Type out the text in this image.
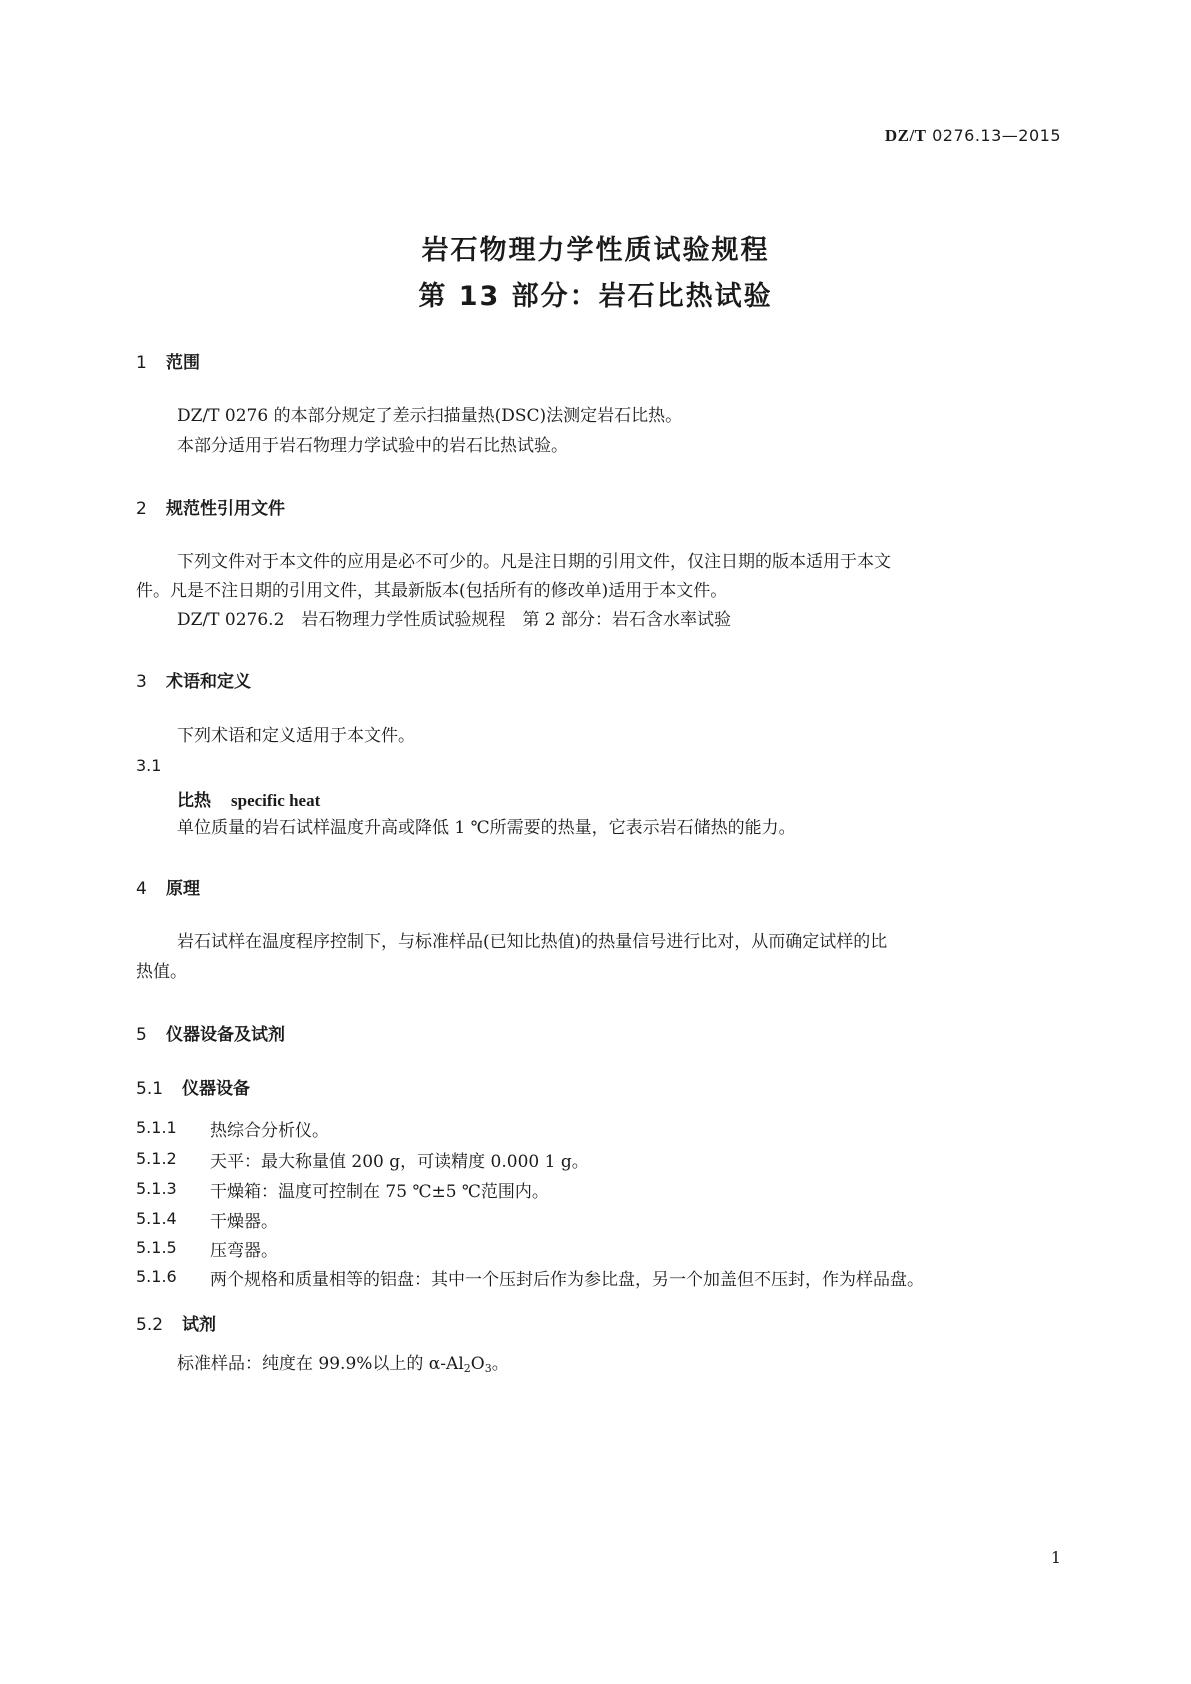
DZ/T 0276.13—2015
岩石物理力学性质试验规程
第 13 部分：岩石比热试验
1 范围
DZ/T 0276 的本部分规定了差示扫描量热(DSC)法测定岩石比热。
本部分适用于岩石物理力学试验中的岩石比热试验。
2 规范性引用文件
下列文件对于本文件的应用是必不可少的。凡是注日期的引用文件，仅注日期的版本适用于本文
件。凡是不注日期的引用文件，其最新版本(包括所有的修改单)适用于本文件。
DZ/T 0276.2　岩石物理力学性质试验规程　第 2 部分：岩石含水率试验
3 术语和定义
下列术语和定义适用于本文件。
3.1
比热 specific heat
单位质量的岩石试样温度升高或降低 1 ℃所需要的热量，它表示岩石储热的能力。
4 原理
岩石试样在温度程序控制下，与标准样品(已知比热值)的热量信号进行比对，从而确定试样的比
热值。
5 仪器设备及试剂
5.1 仪器设备
5.1.1 热综合分析仪。
5.1.2 天平：最大称量值 200 g，可读精度 0.000 1 g。
5.1.3 干燥箱：温度可控制在 75 ℃±5 ℃范围内。
5.1.4 干燥器。
5.1.5 压弯器。
5.1.6 两个规格和质量相等的铝盘：其中一个压封后作为参比盘，另一个加盖但不压封，作为样品盘。
5.2 试剂
标准样品：纯度在 99.9%以上的 $\alpha-Al_2O_3$。
1
